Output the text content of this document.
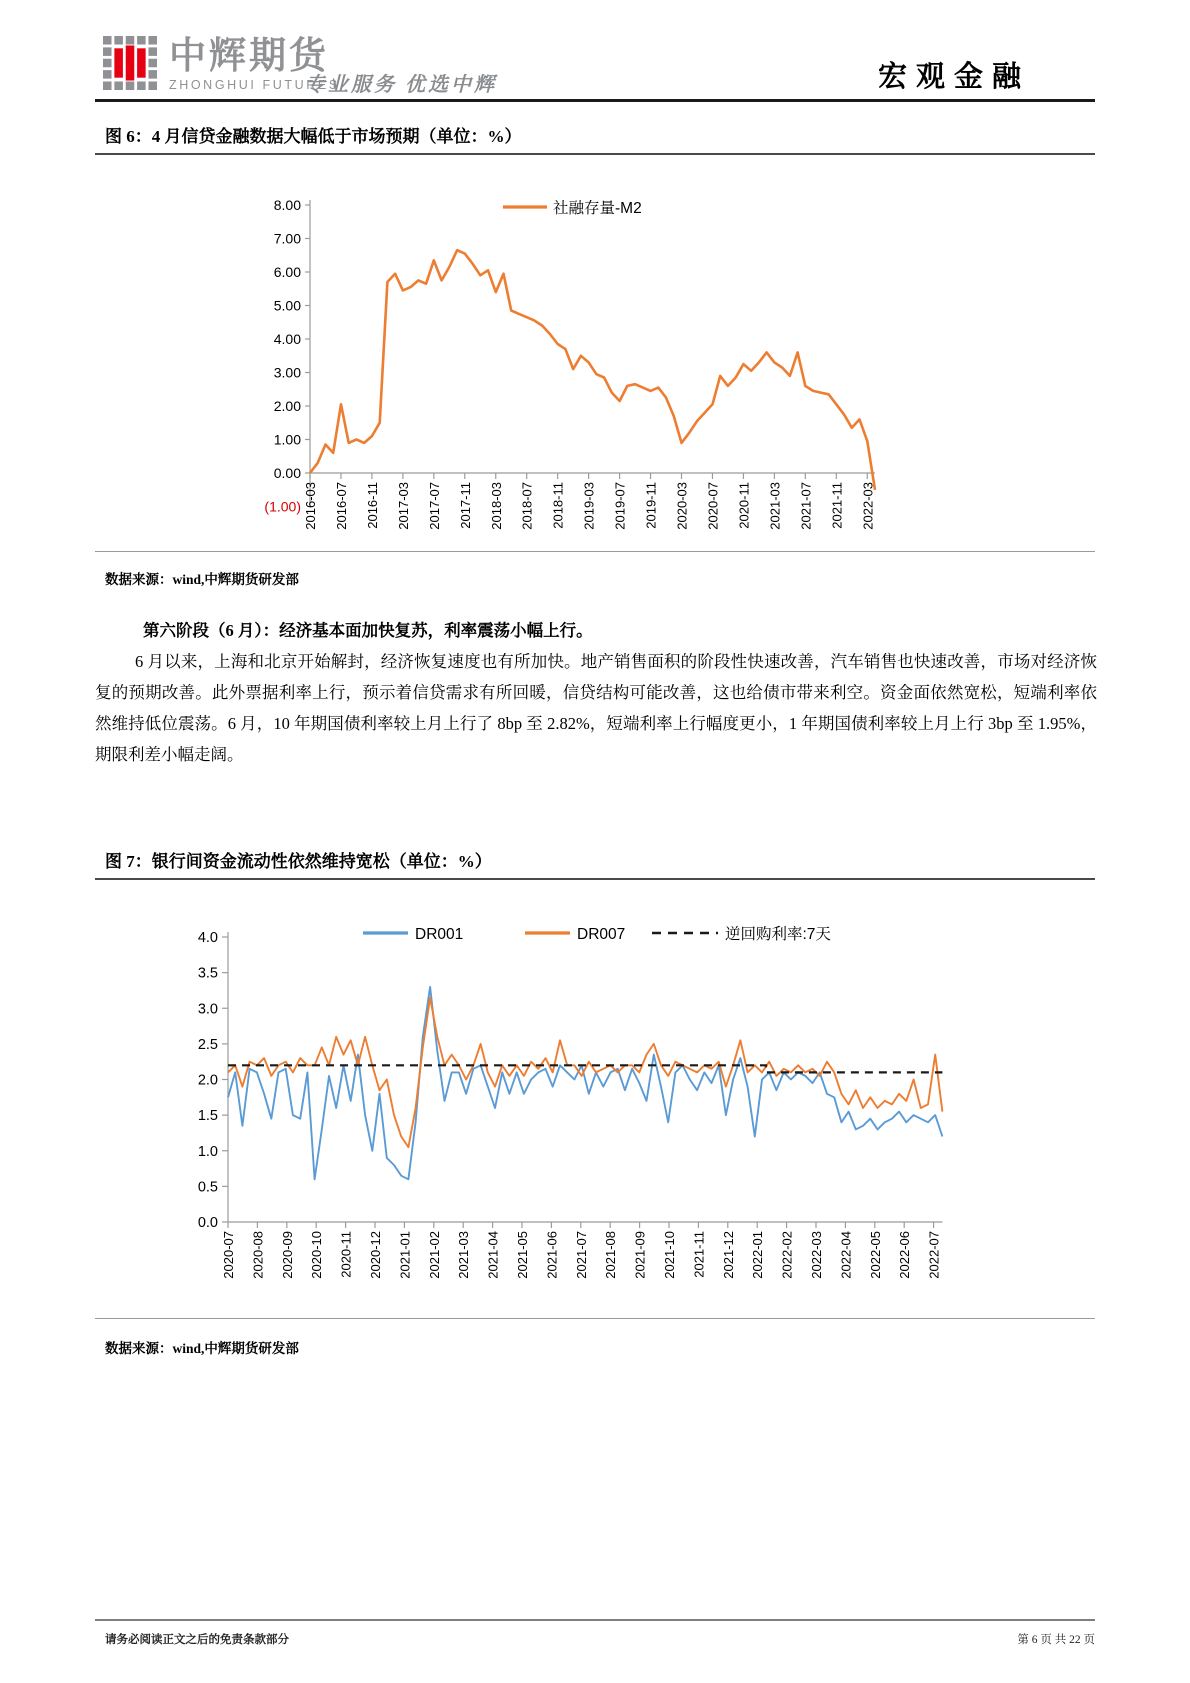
中辉期货
ZHONGHUI FUTURES
专业服务 优选中辉	宏观金融
图 6：4 月信贷金融数据大幅低于市场预期（单位：%）
8.00
7.00
6.00
5.00
4.00
3.00
2.00
1.00
0.00
(1.00) 2016-03 2016-07 2016-11 2017-03 2017-07 2017-11 2018-03 2018-07 2018-11 2019-03 2019-07 2019-11 2020-03 2020-07 2020-11 2021-03 2021-07 2021-11 2022-03
社融存量-M2
数据来源：wind,中辉期货研发部
第六阶段（6 月）：经济基本面加快复苏，利率震荡小幅上行。
6 月以来，上海和北京开始解封，经济恢复速度也有所加快。地产销售面积的阶段性快速改善，汽车销售也快速改善，市场对经济恢复的预期改善。此外票据利率上行，预示着信贷需求有所回暖，信贷结构可能改善，这也给债市带来利空。资金面依然宽松，短端利率依然维持低位震荡。6 月，10 年期国债利率较上月上行了 8bp 至 2.82%，短端利率上行幅度更小，1 年期国债利率较上月上行 3bp 至 1.95%，期限利差小幅走阔。
图 7：银行间资金流动性依然维持宽松（单位：%）
4.0
3.5
3.0
2.5
2.0
1.5
1.0
0.5
0.0
2020-07 2020-08 2020-09 2020-10 2020-11 2020-12 2021-01 2021-02 2021-03 2021-04 2021-05 2021-06 2021-07 2021-08 2021-09 2021-10 2021-11 2021-12 2022-01 2022-02 2022-03 2022-04 2022-05 2022-06 2022-07
DR001	DR007	逆回购利率:7天
数据来源：wind,中辉期货研发部
请务必阅读正文之后的免责条款部分	第 6 页 共 22 页
